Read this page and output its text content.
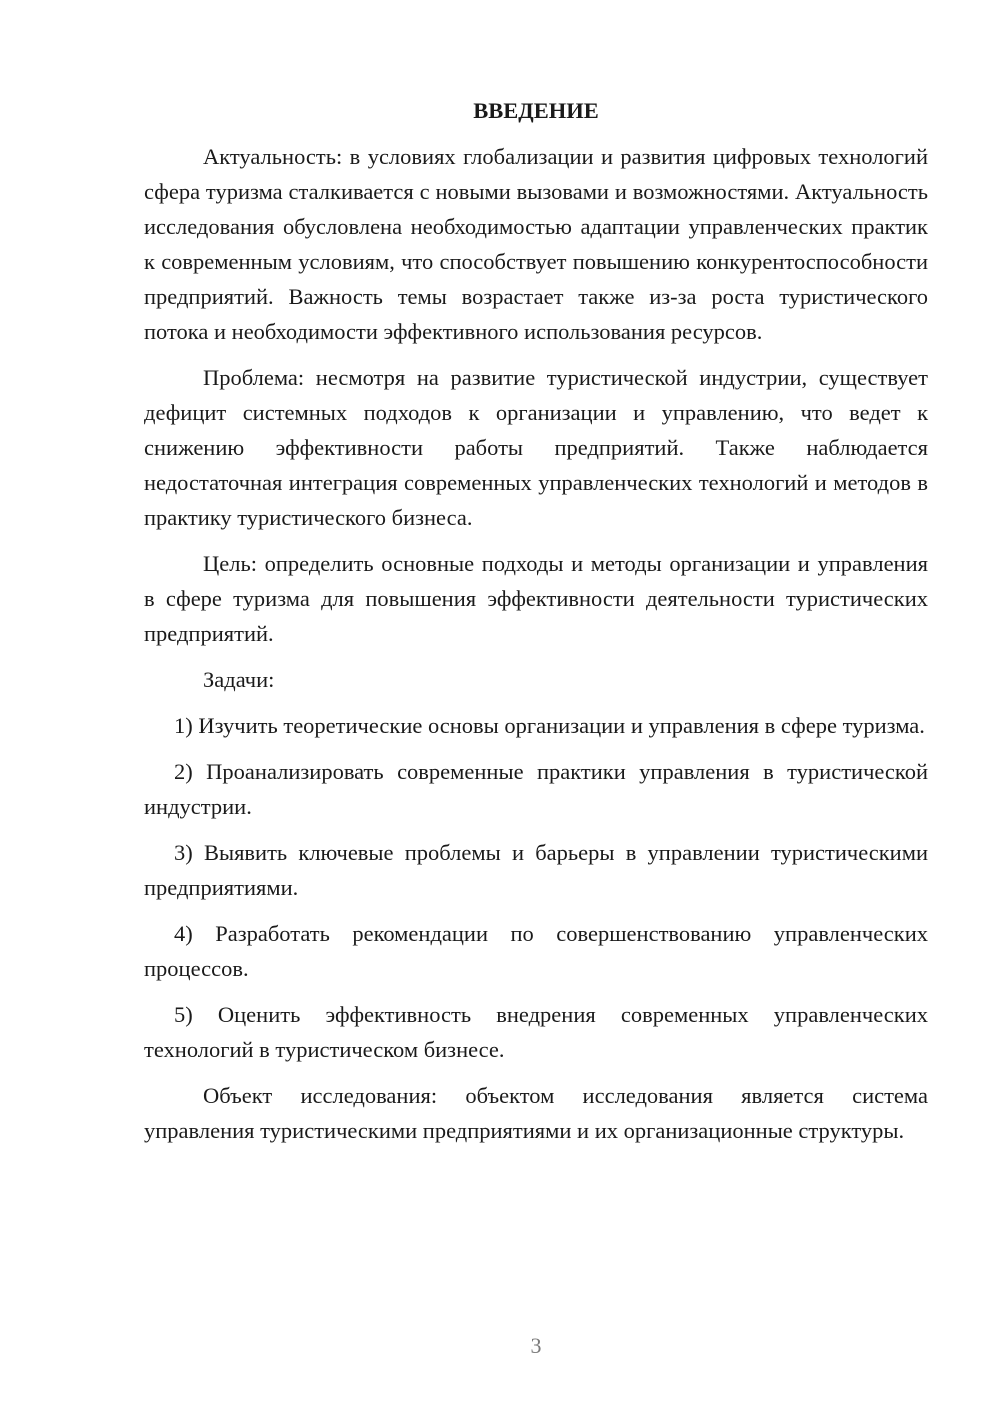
ВВЕДЕНИЕ

Актуальность: в условиях глобализации и развития цифровых технологий сфера туризма сталкивается с новыми вызовами и возможностями. Актуальность исследования обусловлена необходимостью адаптации управленческих практик к современным условиям, что способствует повышению конкурентоспособности предприятий. Важность темы возрастает также из-за роста туристического потока и необходимости эффективного использования ресурсов.

Проблема: несмотря на развитие туристической индустрии, существует дефицит системных подходов к организации и управлению, что ведет к снижению эффективности работы предприятий. Также наблюдается недостаточная интеграция современных управленческих технологий и методов в практику туристического бизнеса.

Цель: определить основные подходы и методы организации и управления в сфере туризма для повышения эффективности деятельности туристических предприятий.

Задачи:

1) Изучить теоретические основы организации и управления в сфере туризма.

2) Проанализировать современные практики управления в туристической индустрии.

3) Выявить ключевые проблемы и барьеры в управлении туристическими предприятиями.

4) Разработать рекомендации по совершенствованию управленческих процессов.

5) Оценить эффективность внедрения современных управленческих технологий в туристическом бизнесе.

Объект исследования: объектом исследования является система управления туристическими предприятиями и их организационные структуры.

3
